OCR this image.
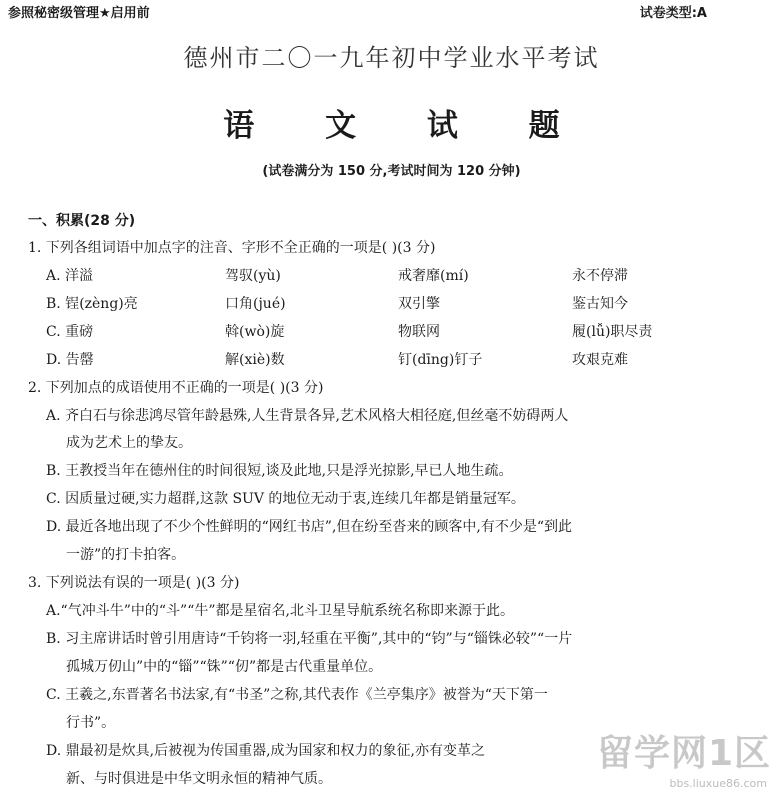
参照秘密级管理★启用前	试卷类型:A
德州市二〇一九年初中学业水平考试
语 文 试 题
(试卷满分为 150 分,考试时间为 120 分钟)
一、积累(28 分)
1. 下列各组词语中加点字的注音、字形不全正确的一项是( )(3 分)
A. 洋溢	驾驭(yù)	戒奢靡(mí)	永不停滞
B. 锃(zèng)亮	口角(jué)	双引擎	鉴古知今
C. 重磅	斡(wò)旋	物联网	履(lǚ)职尽责
D. 告罄	解(xiè)数	钉(dīng)钉子	攻艰克难
2. 下列加点的成语使用不正确的一项是( )(3 分)
A. 齐白石与徐悲鸿尽管年龄悬殊,人生背景各异,艺术风格大相径庭,但丝毫不妨碍两人
成为艺术上的挚友。
B. 王教授当年在德州住的时间很短,谈及此地,只是浮光掠影,早已人地生疏。
C. 因质量过硬,实力超群,这款 SUV 的地位无动于衷,连续几年都是销量冠军。
D. 最近各地出现了不少个性鲜明的“网红书店”,但在纷至沓来的顾客中,有不少是“到此
一游”的打卡拍客。
3. 下列说法有误的一项是( )(3 分)
A.“气冲斗牛”中的“斗”“牛”都是星宿名,北斗卫星导航系统名称即来源于此。
B. 习主席讲话时曾引用唐诗“千钧将一羽,轻重在平衡”,其中的“钧”与“锱铢必较”“一片
孤城万仞山”中的“锱”“铢”“仞”都是古代重量单位。
C. 王羲之,东晋著名书法家,有“书圣”之称,其代表作《兰亭集序》被誉为“天下第一
行书”。
D. 鼎最初是炊具,后被视为传国重器,成为国家和权力的象征,亦有变革之
新、与时俱进是中华文明永恒的精神气质。
留学网1区
bbs.liuxue86.com
